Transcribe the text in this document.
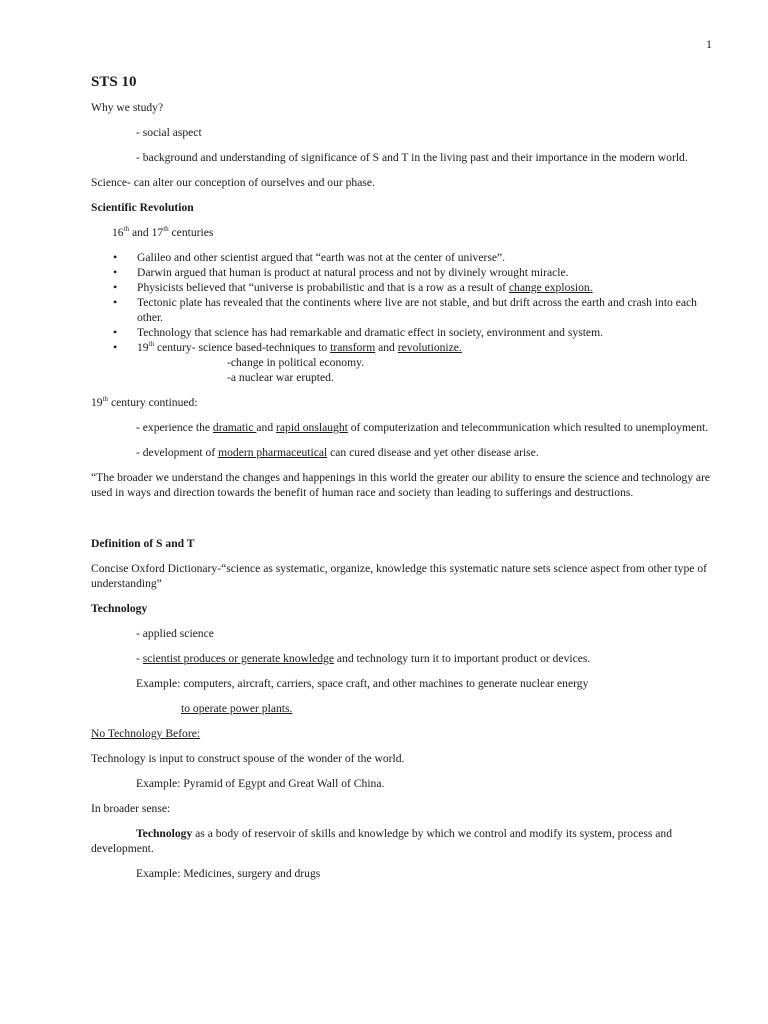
1

STS 10

Why we study?

- social aspect

- background and understanding of significance of S and T in the living past and their importance in the modern world.

Science- can alter our conception of ourselves and our phase.

Scientific Revolution

16th and 17th centuries

• Galileo and other scientist argued that “earth was not at the center of universe”.
• Darwin argued that human is product at natural process and not by divinely wrought miracle.
• Physicists believed that “universe is probabilistic and that is a row as a result of change explosion.
• Tectonic plate has revealed that the continents where live are not stable, and but drift across the earth and crash into each other.
• Technology that science has had remarkable and dramatic effect in society, environment and system.
• 19th century- science based-techniques to transform and revolutionize.
-change in political economy.
-a nuclear war erupted.

19th century continued:

- experience the dramatic and rapid onslaught of computerization and telecommunication which resulted to unemployment.

- development of modern pharmaceutical can cured disease and yet other disease arise.

“The broader we understand the changes and happenings in this world the greater our ability to ensure the science and technology are used in ways and direction towards the benefit of human race and society than leading to sufferings and destructions.

Definition of S and T

Concise Oxford Dictionary-“science as systematic, organize, knowledge this systematic nature sets science aspect from other type of understanding”

Technology

- applied science

- scientist produces or generate knowledge and technology turn it to important product or devices.

Example: computers, aircraft, carriers, space craft, and other machines to generate nuclear energy

to operate power plants.

No Technology Before:

Technology is input to construct spouse of the wonder of the world.

Example: Pyramid of Egypt and Great Wall of China.

In broader sense:

Technology as a body of reservoir of skills and knowledge by which we control and modify its system, process and development.

Example: Medicines, surgery and drugs
